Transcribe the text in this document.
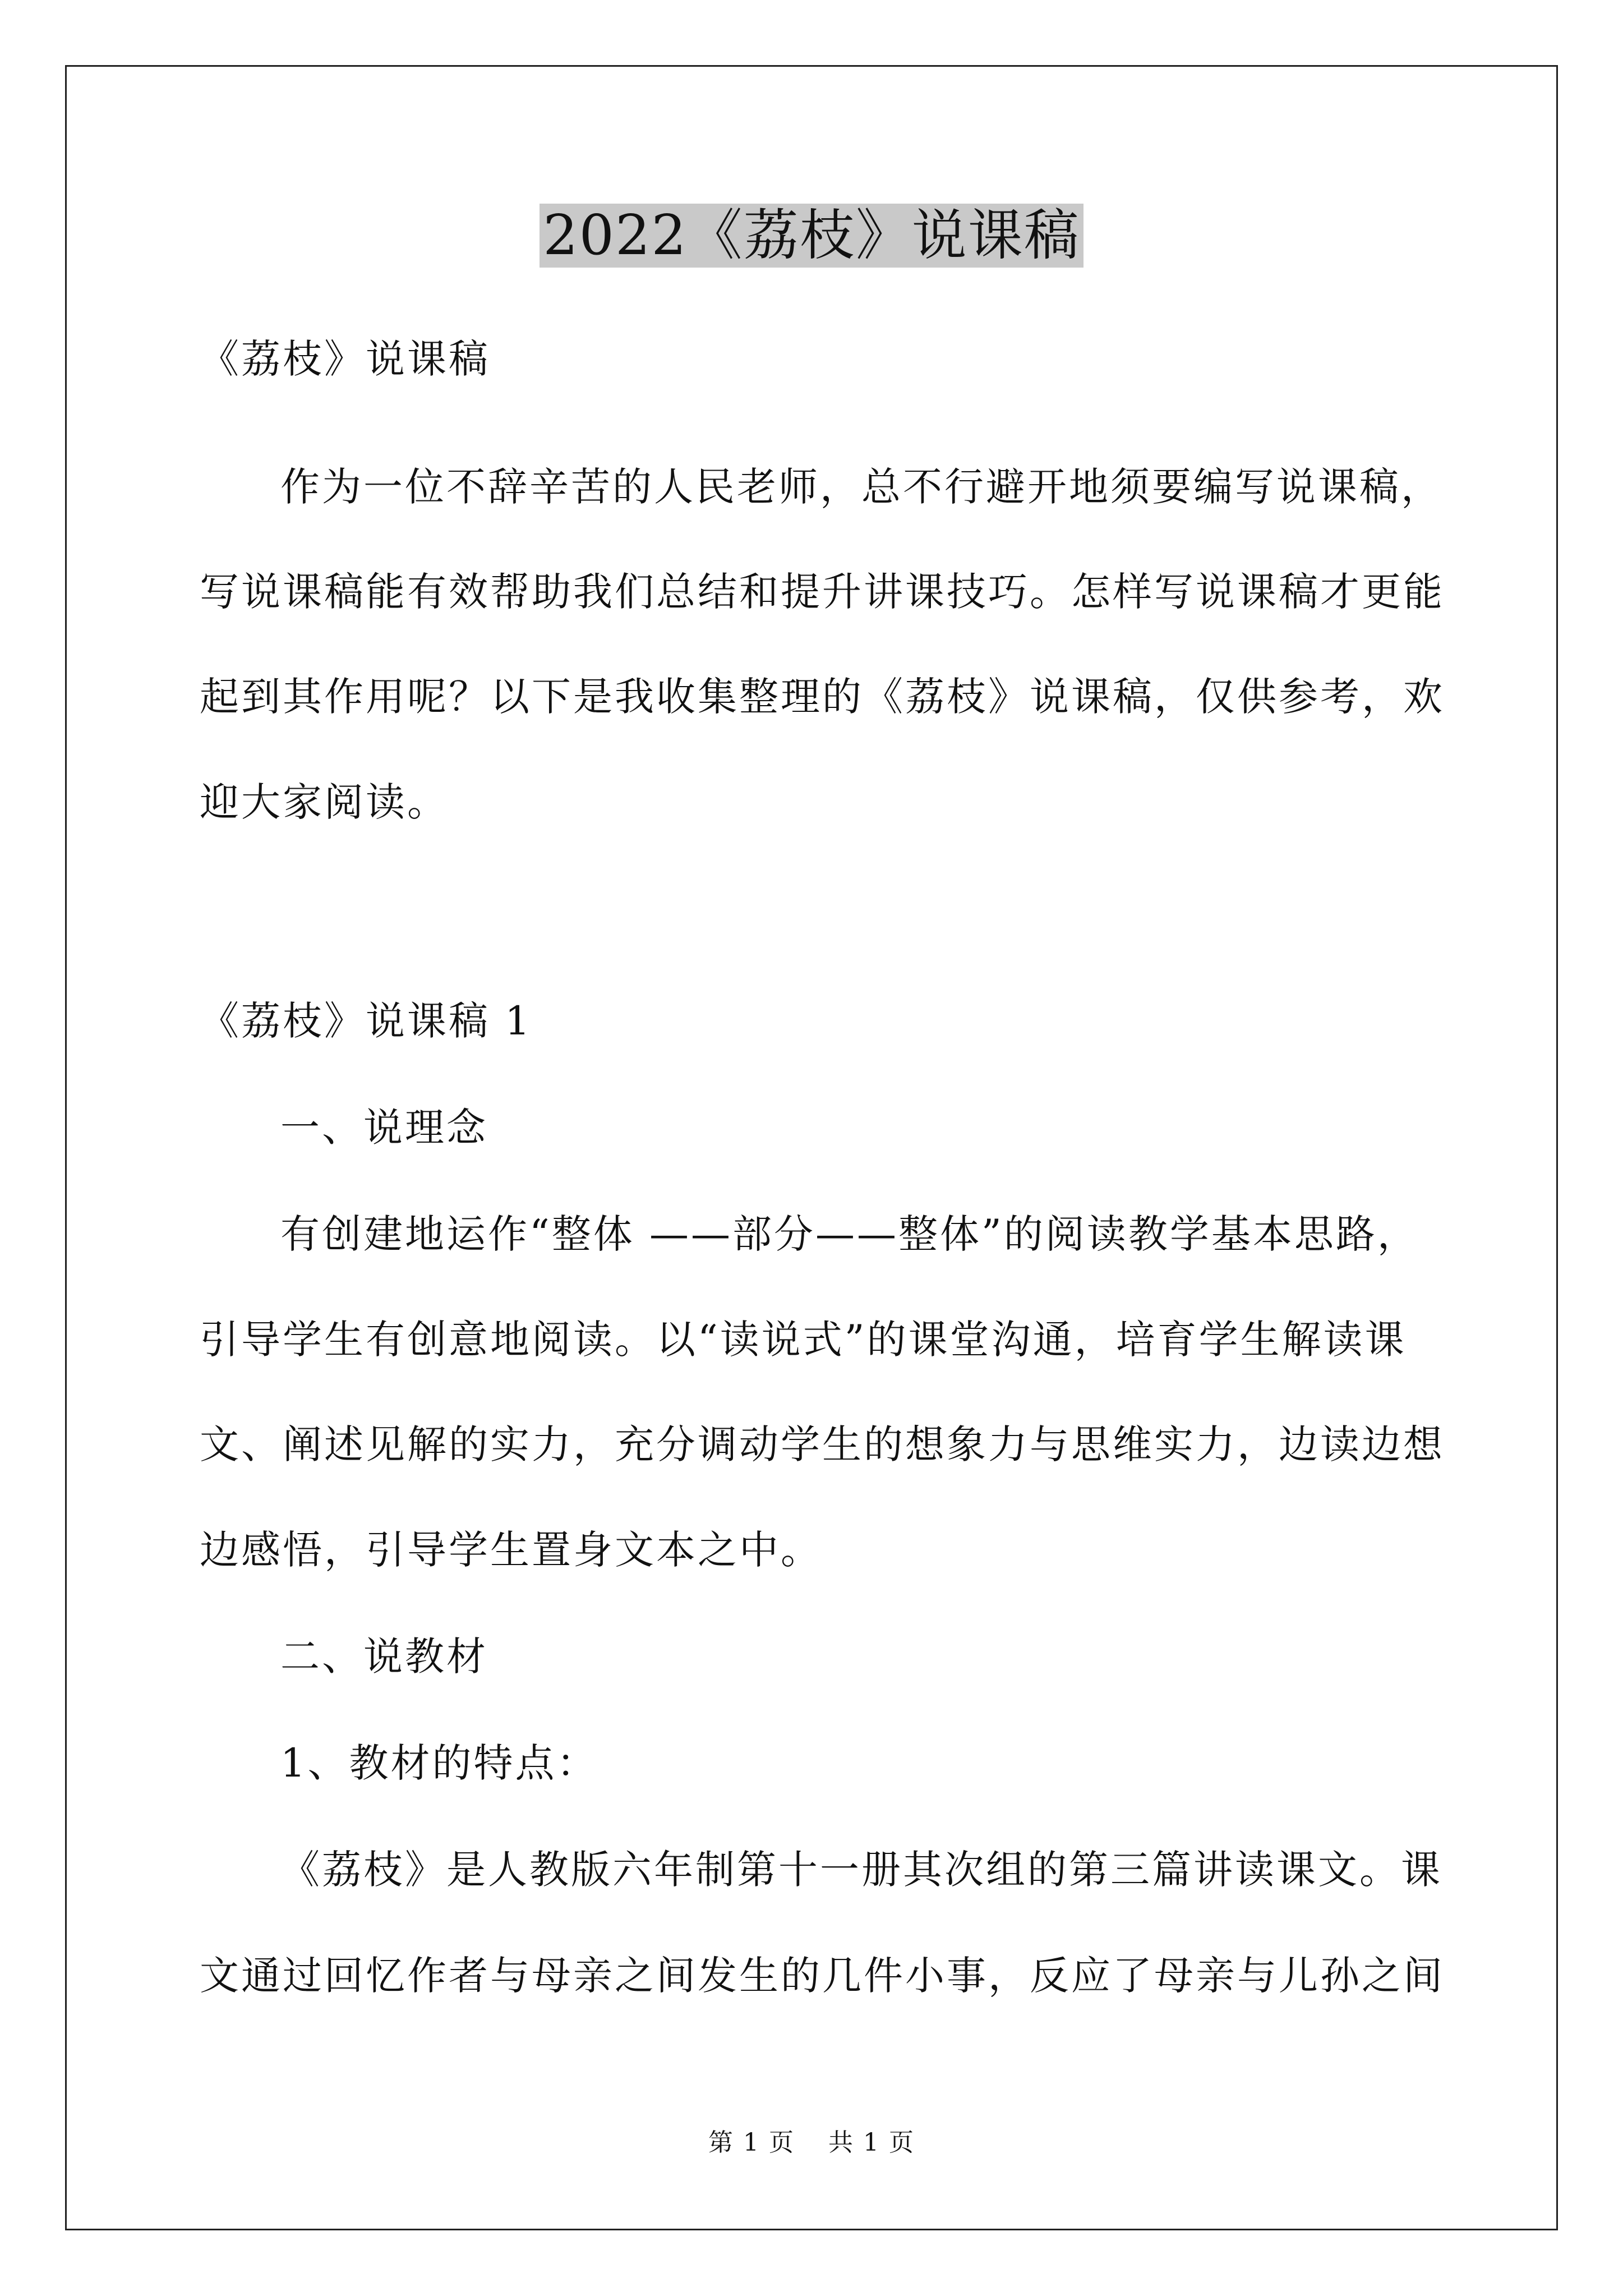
2022《荔枝》说课稿
《荔枝》说课稿
作为一位不辞辛苦的人民老师，总不行避开地须要编写说课稿，
写说课稿能有效帮助我们总结和提升讲课技巧。怎样写说课稿才更能
起到其作用呢？以下是我收集整理的《荔枝》说课稿，仅供参考，欢
迎大家阅读。
《荔枝》说课稿 1
一、说理念
有创建地运作“整体 ——部分——整体”的阅读教学基本思路，
引导学生有创意地阅读。以“读说式”的课堂沟通，培育学生解读课
文、阐述见解的实力，充分调动学生的想象力与思维实力，边读边想
边感悟，引导学生置身文本之中。
二、说教材
1、教材的特点：
《荔枝》是人教版六年制第十一册其次组的第三篇讲读课文。课
文通过回忆作者与母亲之间发生的几件小事，反应了母亲与儿孙之间
第 1 页 共 1 页
